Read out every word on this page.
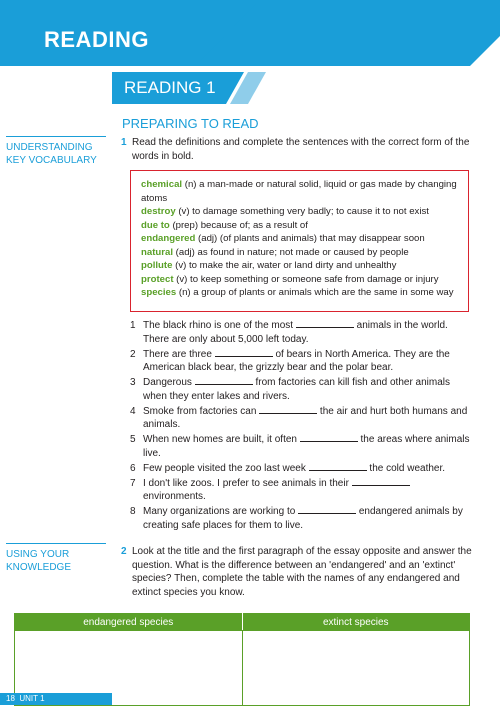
READING
READING 1
UNDERSTANDING KEY VOCABULARY
USING YOUR KNOWLEDGE
PREPARING TO READ
1 Read the definitions and complete the sentences with the correct form of the words in bold.
chemical (n) a man-made or natural solid, liquid or gas made by changing atoms
destroy (v) to damage something very badly; to cause it to not exist
due to (prep) because of; as a result of
endangered (adj) (of plants and animals) that may disappear soon
natural (adj) as found in nature; not made or caused by people
pollute (v) to make the air, water or land dirty and unhealthy
protect (v) to keep something or someone safe from damage or injury
species (n) a group of plants or animals which are the same in some way
1 The black rhino is one of the most	animals in the world. There are only about 5,000 left today.
2 There are three	of bears in North America. They are the American black bear, the grizzly bear and the polar bear.
3 Dangerous	from factories can kill fish and other animals when they enter lakes and rivers.
4 Smoke from factories can	the air and hurt both humans and animals.
5 When new homes are built, it often	the areas where animals live.
6 Few people visited the zoo last week	the cold weather.
7 I don't like zoos. I prefer to see animals in their  environments.
8 Many organizations are working to	endangered animals by creating safe places for them to live.
2 Look at the title and the first paragraph of the essay opposite and answer the question. What is the difference between an 'endangered' and an 'extinct' species? Then, complete the table with the names of any endangered and extinct species you know.
endangered species	extinct species

18 UNIT 1
